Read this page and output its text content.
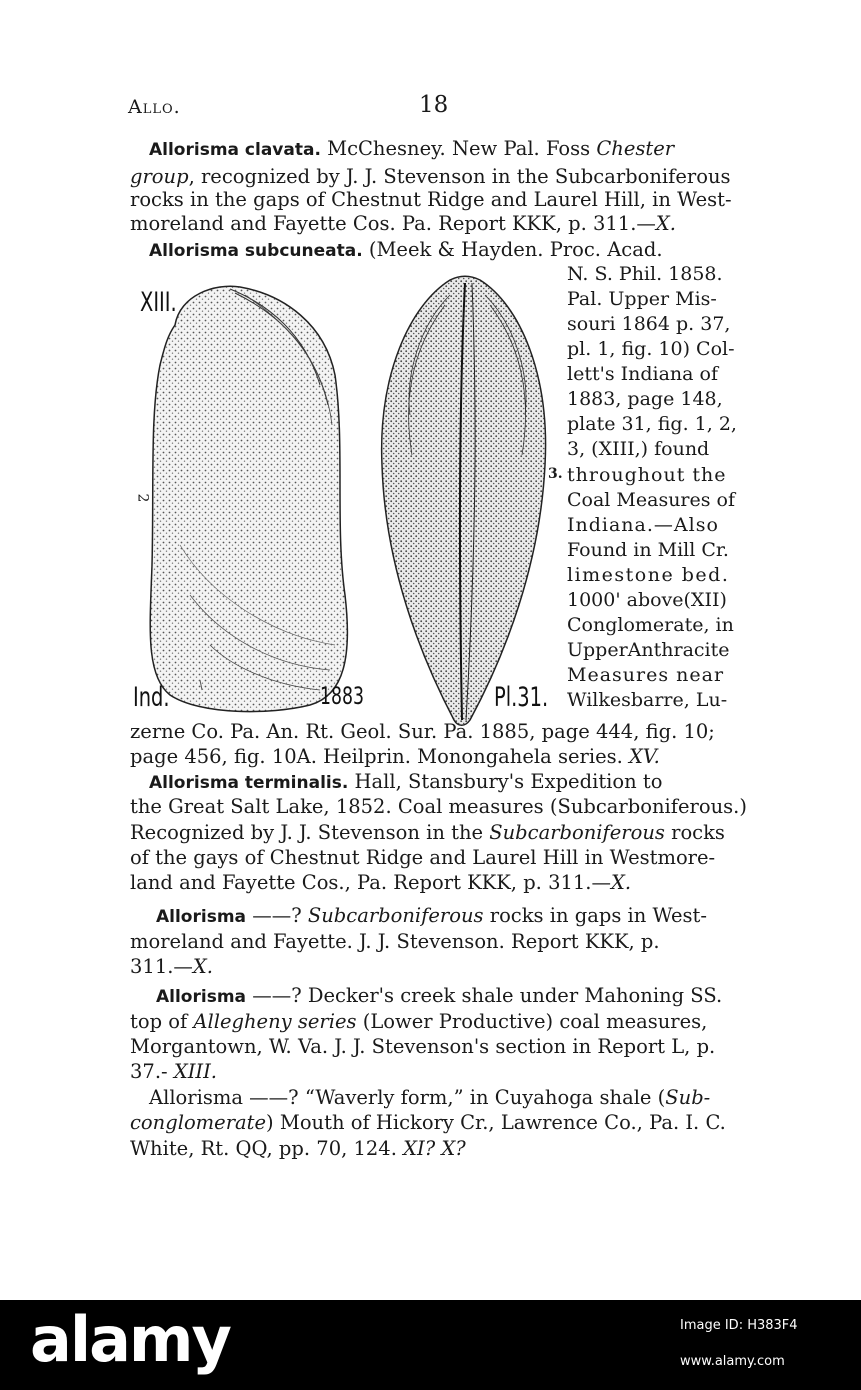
Allo.	18
Allorisma clavata. McChesney. New Pal. Foss Chester
group, recognized by J. J. Stevenson in the Subcarboniferous
rocks in the gaps of Chestnut Ridge and Laurel Hill, in West-
moreland and Fayette Cos. Pa. Report KKK, p. 311.—X.
Allorisma subcuneata. (Meek & Hayden. Proc. Acad.
N. S. Phil. 1858.
Pal. Upper Mis-
souri 1864 p. 37,
pl. 1, fig. 10) Col-
lett's Indiana of
1883, page 148,
plate 31, fig. 1, 2,
3, (XIII,) found
throughout the
Coal Measures of
Indiana.—Also
Found in Mill Cr.
limestone bed.
1000' above(XII)
Conglomerate, in
UpperAnthracite
Measures near
Wilkesbarre, Lu-
XIII.
2
3.
Ind.	1883	Pl.31.
zerne Co. Pa. An. Rt. Geol. Sur. Pa. 1885, page 444, fig. 10;
page 456, fig. 10A. Heilprin. Monongahela series. XV.
Allorisma terminalis. Hall, Stansbury's Expedition to
the Great Salt Lake, 1852. Coal measures (Subcarboniferous.)
Recognized by J. J. Stevenson in the Subcarboniferous rocks
of the gays of Chestnut Ridge and Laurel Hill in Westmore-
land and Fayette Cos., Pa. Report KKK, p. 311.—X.
Allorisma ——? Subcarboniferous rocks in gaps in West-
moreland and Fayette. J. J. Stevenson. Report KKK, p.
311.—X.
Allorisma ——? Decker's creek shale under Mahoning SS.
top of Allegheny series (Lower Productive) coal measures,
Morgantown, W. Va. J. J. Stevenson's section in Report L, p.
37.- XIII.
Allorisma ——? “Waverly form,” in Cuyahoga shale (Sub-
conglomerate) Mouth of Hickory Cr., Lawrence Co., Pa. I. C.
White, Rt. QQ, pp. 70, 124. XI? X?
alamy	Image ID: H383F4
www.alamy.com
